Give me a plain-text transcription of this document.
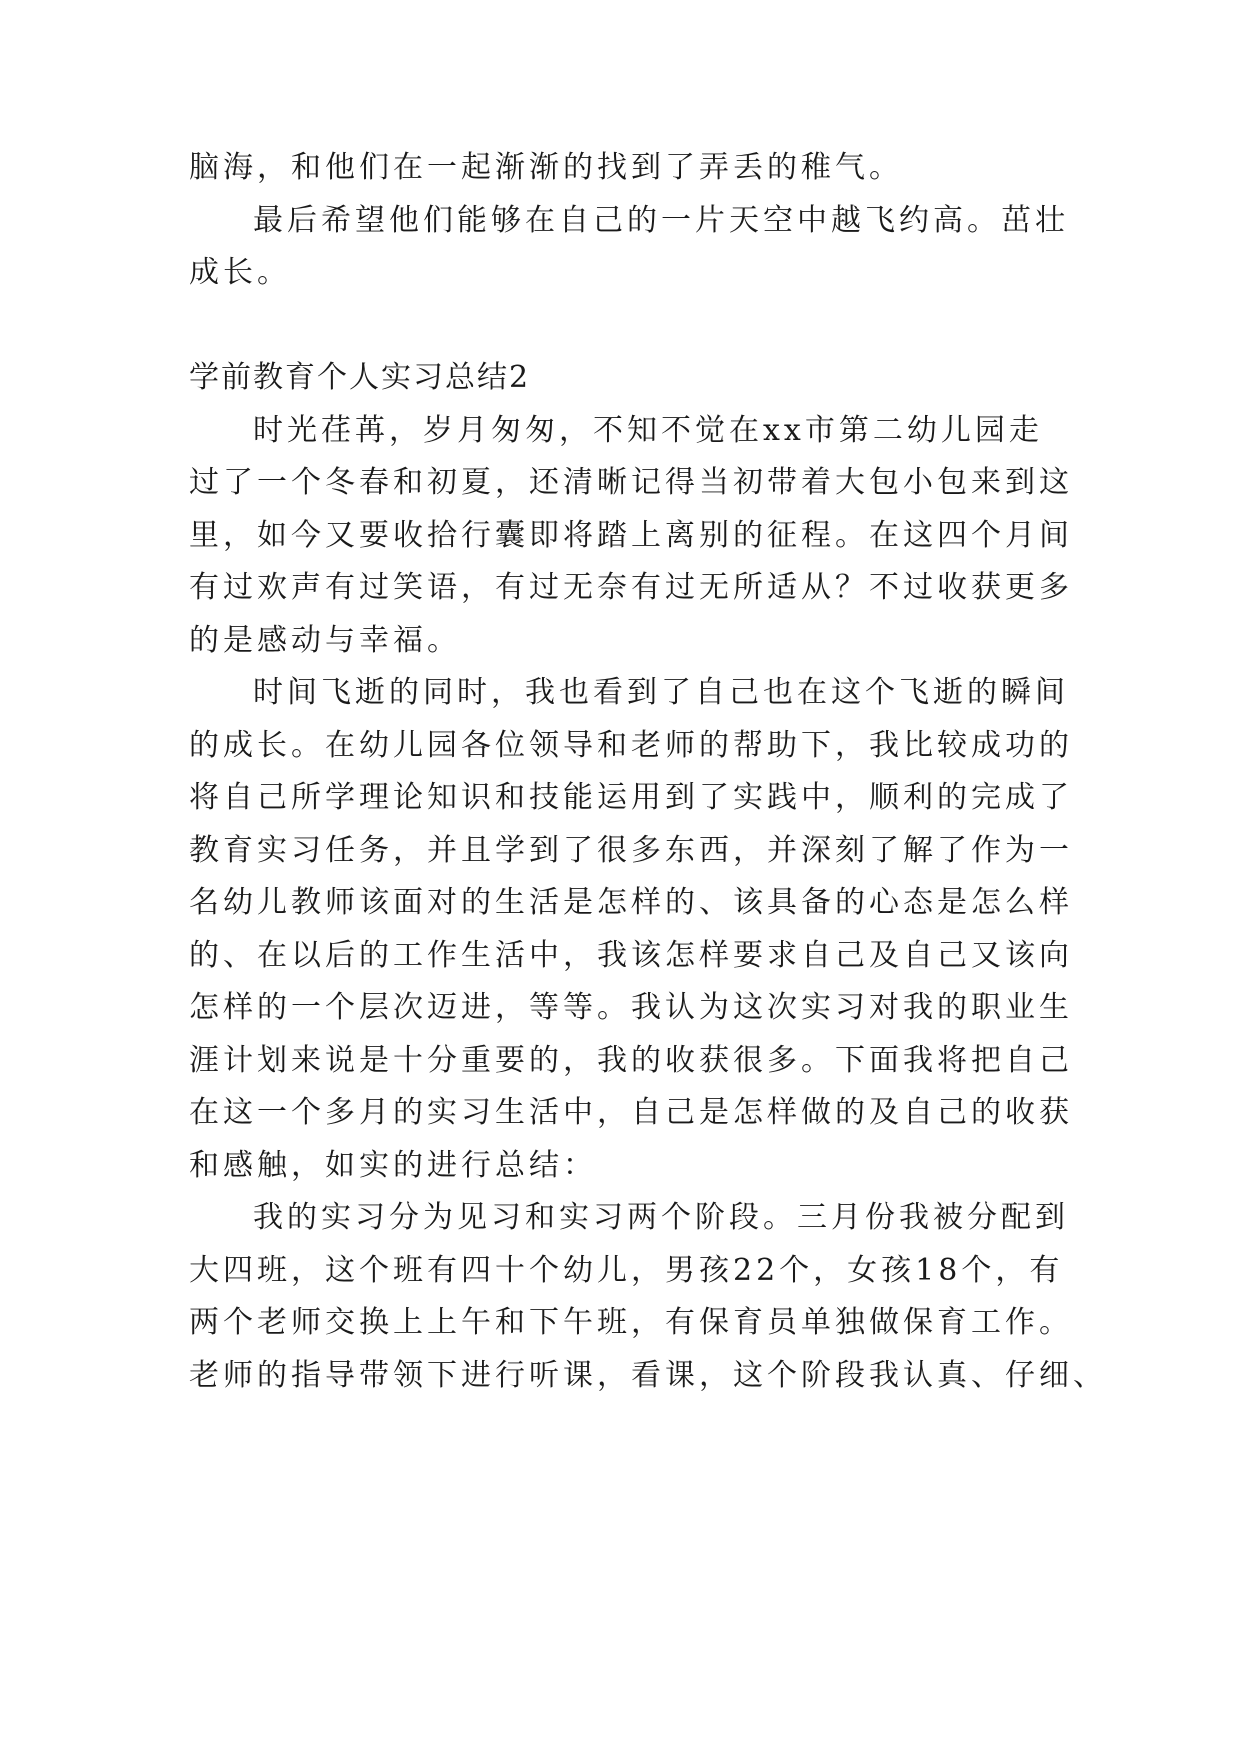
脑海，和他们在一起渐渐的找到了弄丢的稚气。
最后希望他们能够在自己的一片天空中越飞约高。茁壮
成长。
学前教育个人实习总结2
时光荏苒，岁月匆匆，不知不觉在xx市第二幼儿园走
过了一个冬春和初夏，还清晰记得当初带着大包小包来到这
里，如今又要收拾行囊即将踏上离别的征程。在这四个月间
有过欢声有过笑语，有过无奈有过无所适从？不过收获更多
的是感动与幸福。
时间飞逝的同时，我也看到了自己也在这个飞逝的瞬间
的成长。在幼儿园各位领导和老师的帮助下，我比较成功的
将自己所学理论知识和技能运用到了实践中，顺利的完成了
教育实习任务，并且学到了很多东西，并深刻了解了作为一
名幼儿教师该面对的生活是怎样的、该具备的心态是怎么样
的、在以后的工作生活中，我该怎样要求自己及自己又该向
怎样的一个层次迈进，等等。我认为这次实习对我的职业生
涯计划来说是十分重要的，我的收获很多。下面我将把自己
在这一个多月的实习生活中，自己是怎样做的及自己的收获
和感触，如实的进行总结：
我的实习分为见习和实习两个阶段。三月份我被分配到
大四班，这个班有四十个幼儿，男孩22个，女孩18个，有
两个老师交换上上午和下午班，有保育员单独做保育工作。
老师的指导带领下进行听课，看课，这个阶段我认真、仔细、
